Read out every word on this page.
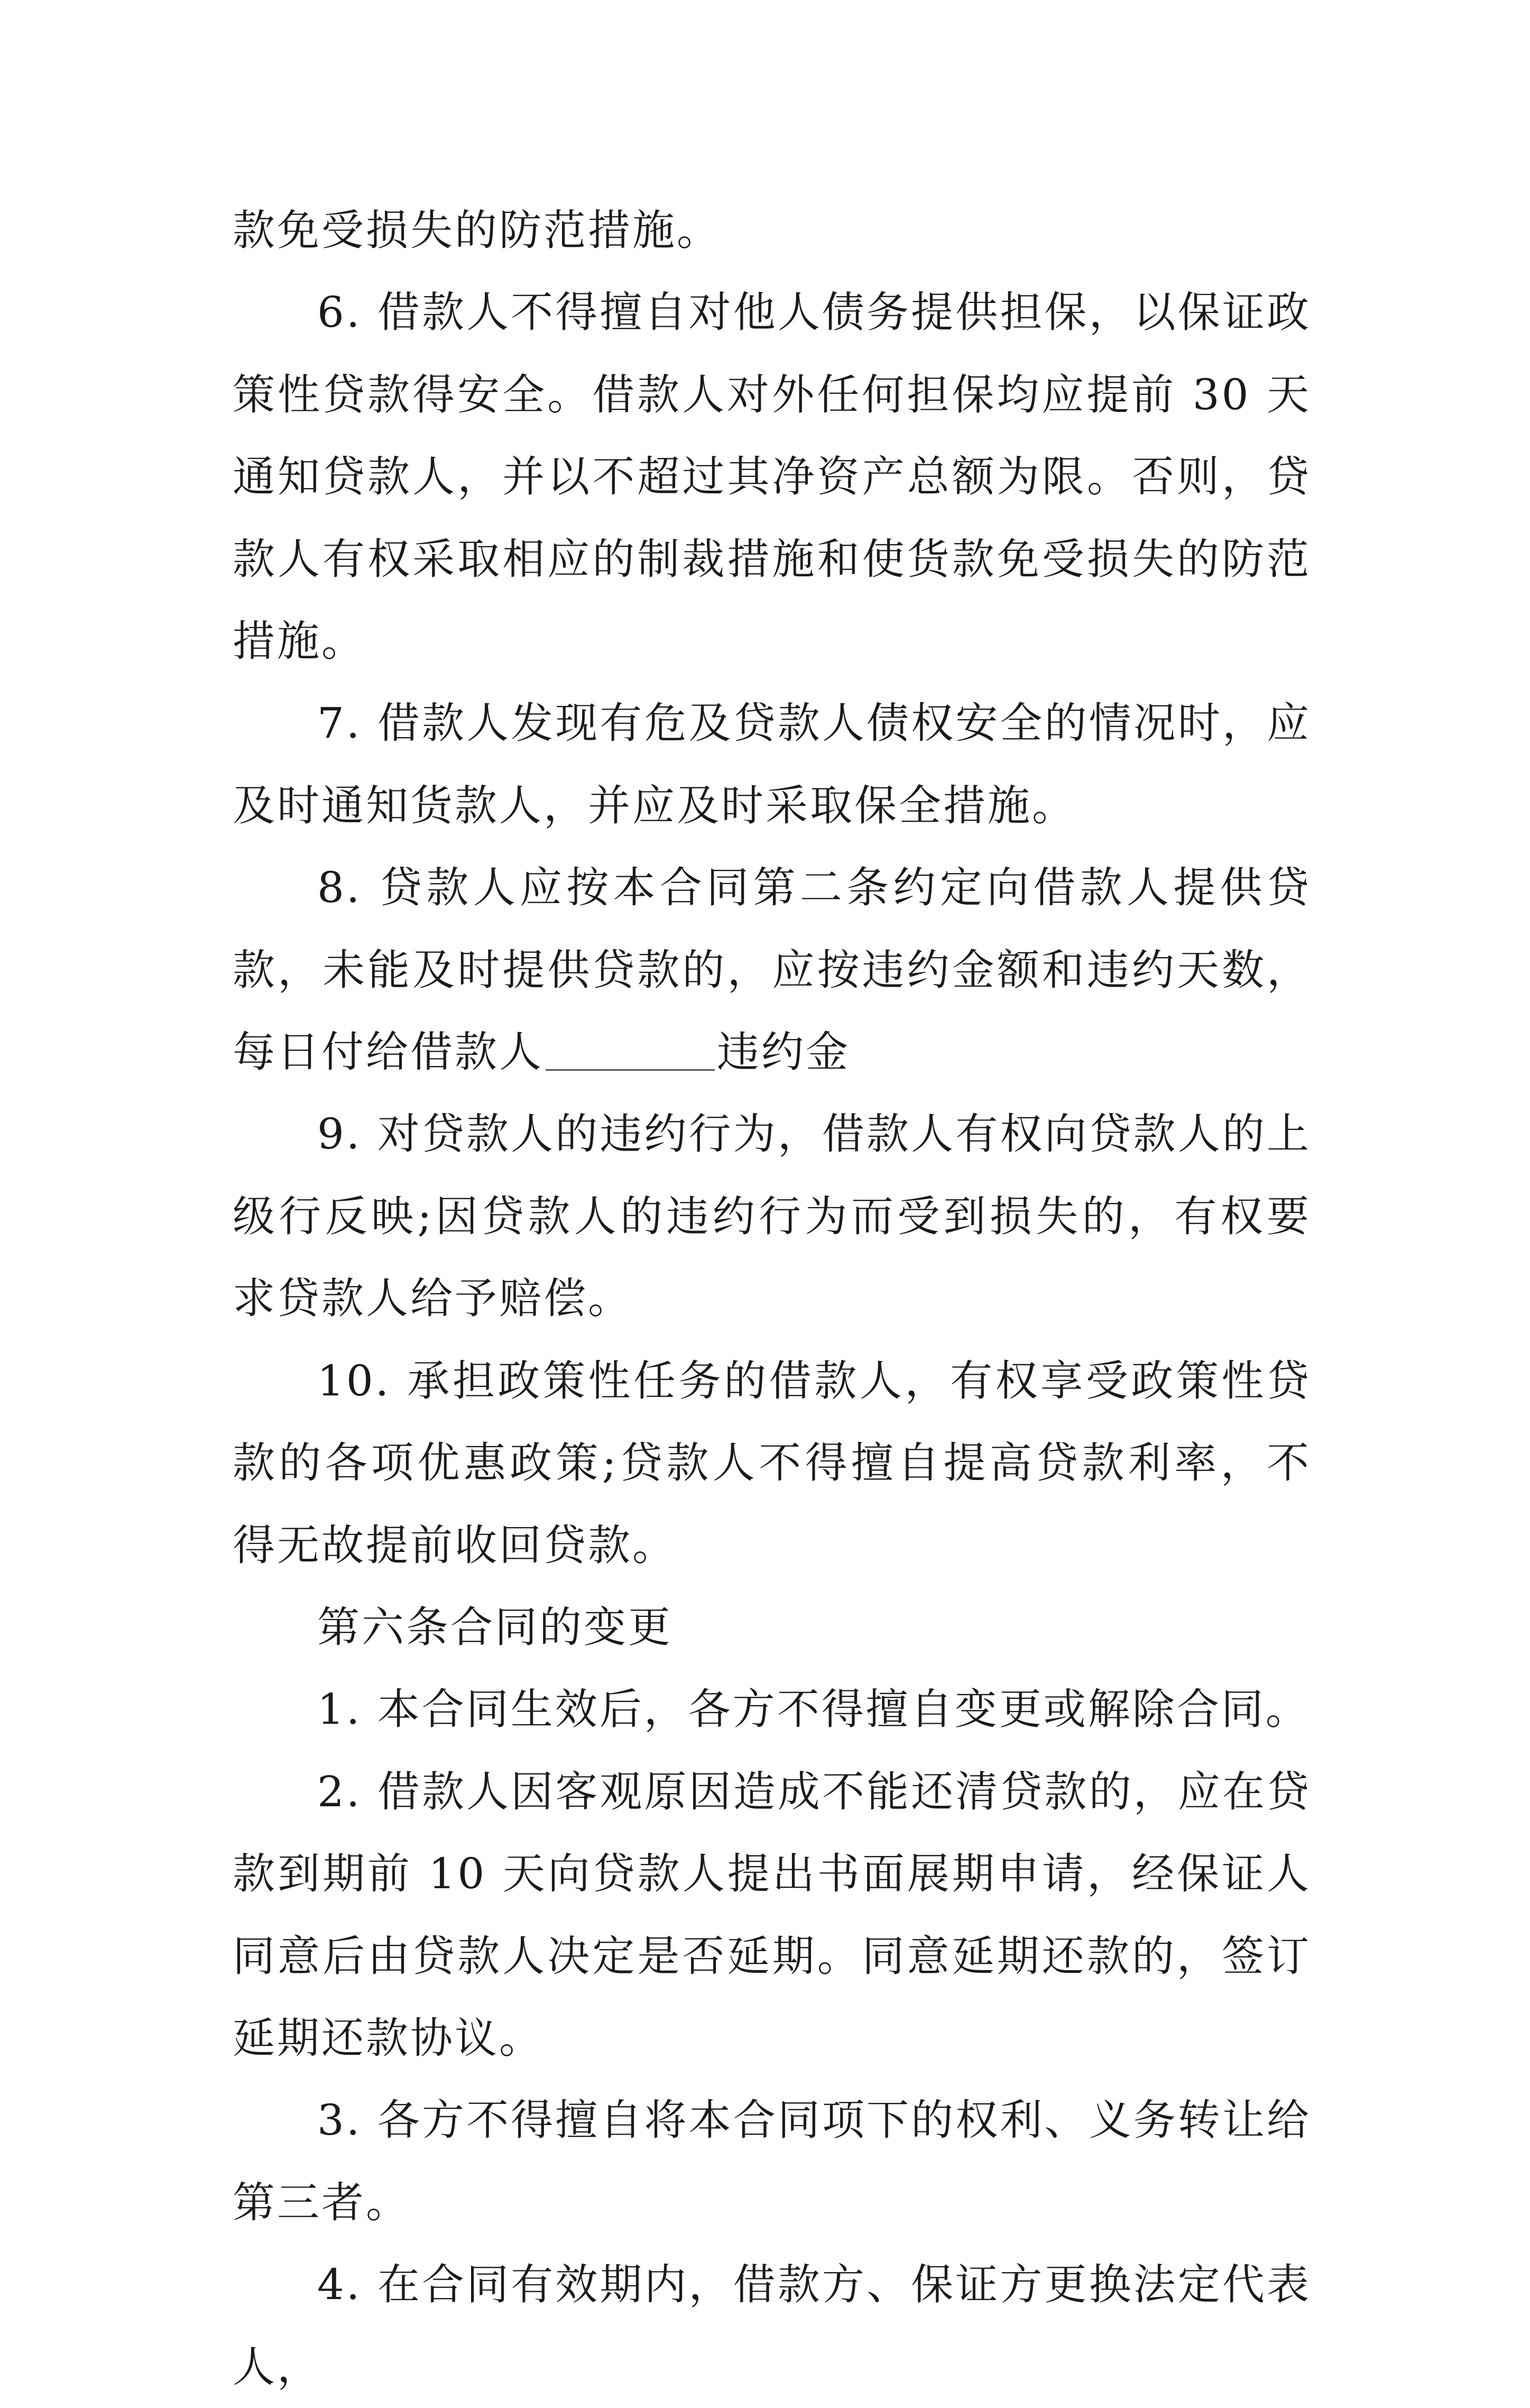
款免受损失的防范措施。

6. 借款人不得擅自对他人债务提供担保，以保证政策性贷款得安全。借款人对外任何担保均应提前 30 天通知贷款人，并以不超过其净资产总额为限。否则，贷款人有权采取相应的制裁措施和使货款免受损失的防范措施。

7. 借款人发现有危及贷款人债权安全的情况时，应及时通知货款人，并应及时采取保全措施。

8. 贷款人应按本合同第二条约定向借款人提供贷款，未能及时提供贷款的，应按违约金额和违约天数，每日付给借款人	违约金

9. 对贷款人的违约行为，借款人有权向贷款人的上级行反映;因贷款人的违约行为而受到损失的，有权要求贷款人给予赔偿。

10. 承担政策性任务的借款人，有权享受政策性贷款的各项优惠政策;贷款人不得擅自提高贷款利率，不得无故提前收回贷款。

第六条合同的变更

1. 本合同生效后，各方不得擅自变更或解除合同。

2. 借款人因客观原因造成不能还清贷款的，应在贷款到期前 10 天向贷款人提出书面展期申请，经保证人同意后由贷款人决定是否延期。同意延期还款的，签订延期还款协议。

3. 各方不得擅自将本合同项下的权利、义务转让给第三者。

4. 在合同有效期内，借款方、保证方更换法定代表人，
